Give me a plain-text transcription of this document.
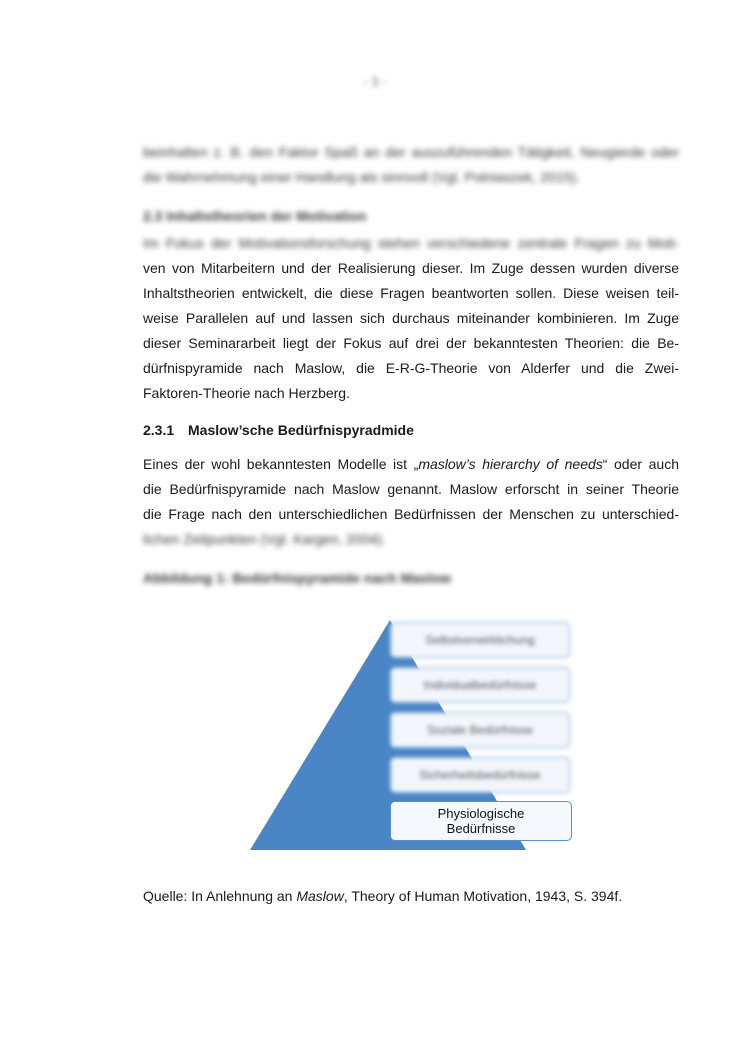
- 3 -
beinhalten z. B. den Faktor Spaß an der auszuführenden Tätigkeit, Neugierde oder
die Wahrnehmung einer Handlung als sinnvoll (Vgl. Polniaszek, 2015).
2.3 Inhaltstheorien der Motivation
Im Fokus der Motivationsforschung stehen verschiedene zentrale Fragen zu Moti-
ven von Mitarbeitern und der Realisierung dieser. Im Zuge dessen wurden diverse
Inhaltstheorien entwickelt, die diese Fragen beantworten sollen. Diese weisen teil-
weise Parallelen auf und lassen sich durchaus miteinander kombinieren. Im Zuge
dieser Seminararbeit liegt der Fokus auf drei der bekanntesten Theorien: die Be-
dürfnispyramide nach Maslow, die E-R-G-Theorie von Alderfer und die Zwei-
Faktoren-Theorie nach Herzberg.
2.3.1 Maslow’sche Bedürfnispyradmide
Eines der wohl bekanntesten Modelle ist „maslow’s hierarchy of needs“ oder auch
die Bedürfnispyramide nach Maslow genannt. Maslow erforscht in seiner Theorie
die Frage nach den unterschiedlichen Bedürfnissen der Menschen zu unterschied-
lichen Zeitpunkten (Vgl. Kargen, 2004).
Abbildung 1: Bedürfnispyramide nach Maslow
Selbstverwirklichung
Individualbedürfnisse
Soziale Bedürfnisse
Sicherheitsbedürfnisse
Physiologische Bedürfnisse

Quelle: In Anlehnung an Maslow, Theory of Human Motivation, 1943, S. 394f.
